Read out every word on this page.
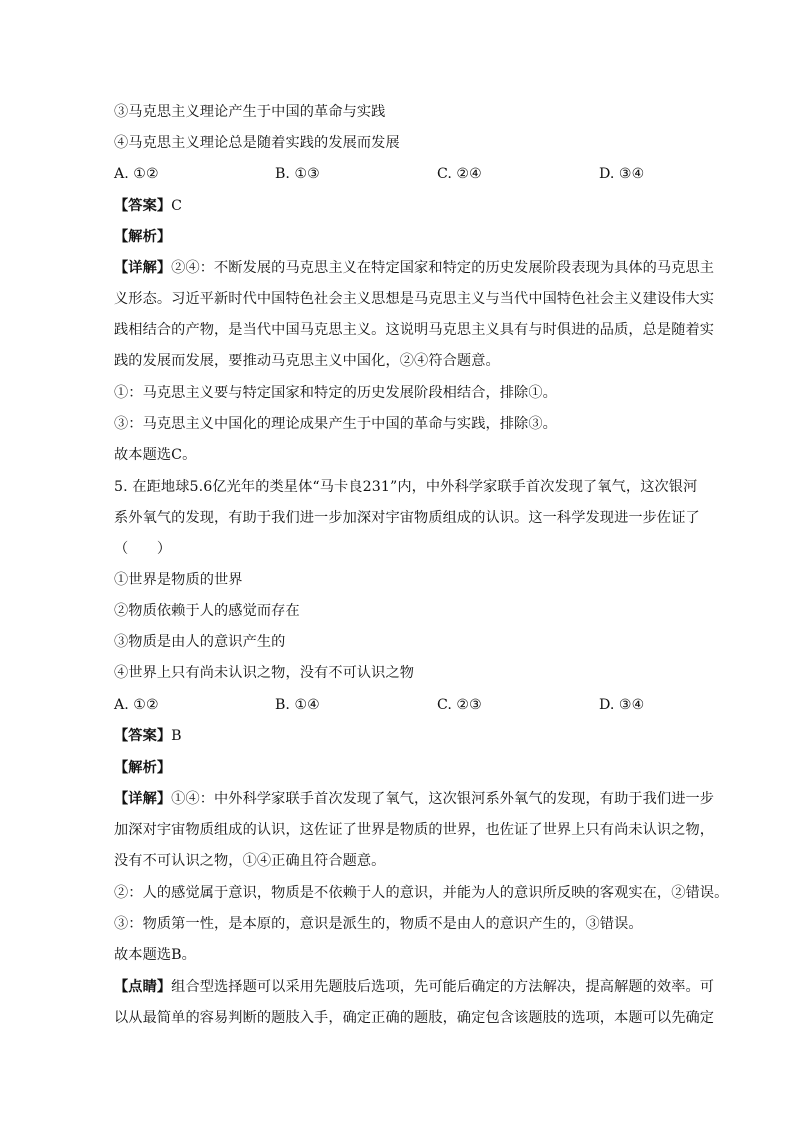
③马克思主义理论产生于中国的革命与实践
④马克思主义理论总是随着实践的发展而发展
A. ①②	B. ①③	C. ②④	D. ③④
【答案】C
【解析】
【详解】②④：不断发展的马克思主义在特定国家和特定的历史发展阶段表现为具体的马克思主
义形态。习近平新时代中国特色社会主义思想是马克思主义与当代中国特色社会主义建设伟大实
践相结合的产物，是当代中国马克思主义。这说明马克思主义具有与时俱进的品质，总是随着实
践的发展而发展，要推动马克思主义中国化，②④符合题意。
①：马克思主义要与特定国家和特定的历史发展阶段相结合，排除①。
③：马克思主义中国化的理论成果产生于中国的革命与实践，排除③。
故本题选C。
5. 在距地球5.6亿光年的类星体“马卡良231”内，中外科学家联手首次发现了氧气，这次银河
系外氧气的发现，有助于我们进一步加深对宇宙物质组成的认识。这一科学发现进一步佐证了
（　　）
①世界是物质的世界
②物质依赖于人的感觉而存在
③物质是由人的意识产生的
④世界上只有尚未认识之物，没有不可认识之物
A. ①②	B. ①④	C. ②③	D. ③④
【答案】B
【解析】
【详解】①④：中外科学家联手首次发现了氧气，这次银河系外氧气的发现，有助于我们进一步
加深对宇宙物质组成的认识，这佐证了世界是物质的世界，也佐证了世界上只有尚未认识之物，
没有不可认识之物，①④正确且符合题意。
②：人的感觉属于意识，物质是不依赖于人的意识，并能为人的意识所反映的客观实在，②错误。
③：物质第一性，是本原的，意识是派生的，物质不是由人的意识产生的，③错误。
故本题选B。
【点睛】组合型选择题可以采用先题肢后选项，先可能后确定的方法解决，提高解题的效率。可
以从最简单的容易判断的题肢入手，确定正确的题肢，确定包含该题肢的选项，本题可以先确定
